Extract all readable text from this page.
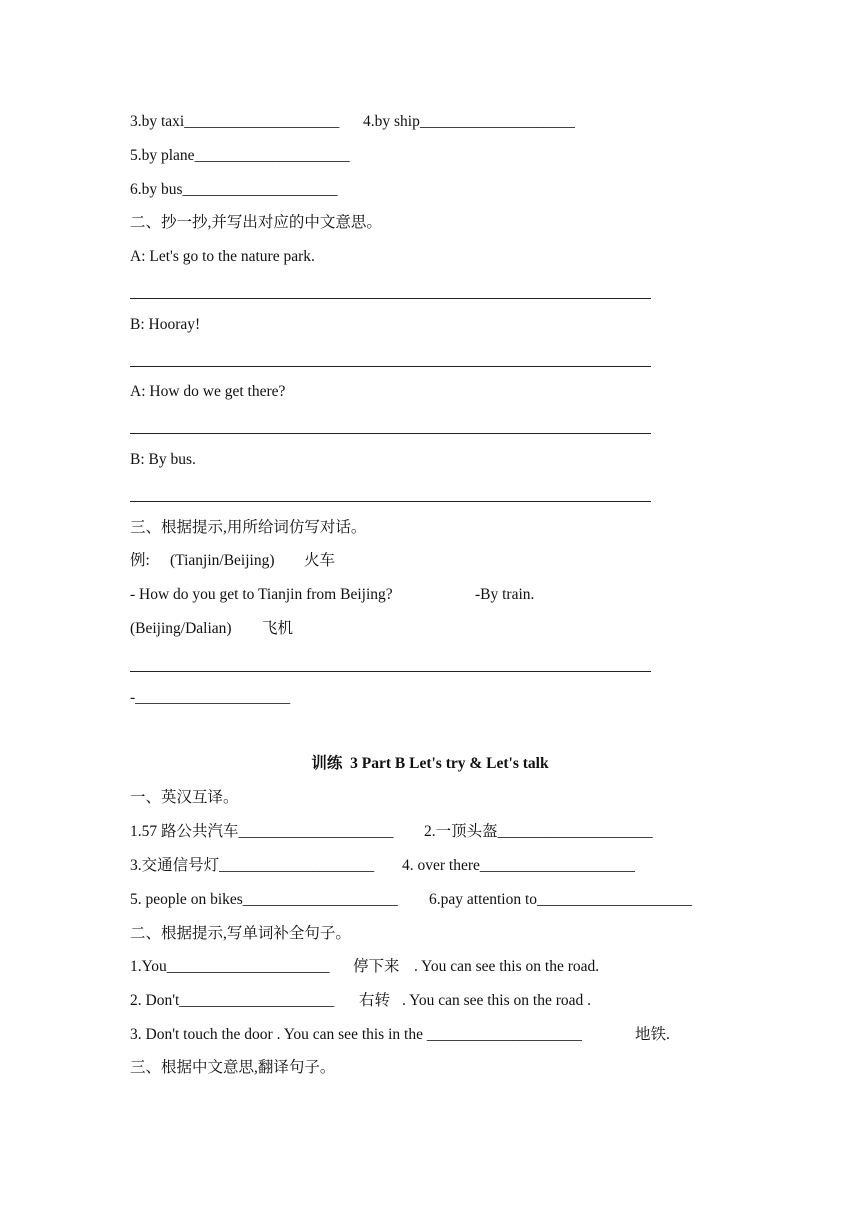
3.by taxi____________________

4.by ship____________________

5.by plane____________________
6.by bus____________________
二、抄一抄,并写出对应的中文意思。
A: Let's go to the nature park.
B: Hooray!
A: How do we get there?
B: By bus.
三、根据提示,用所给词仿写对话。

例:

(Tianjin/Beijing)

火车

- How do you get to Tianjin from Beijing?

	-By train.

(Beijing/Dalian)

飞机

-____________________
训练  3 Part B Let's try & Let's talk
一、英汉互译。

1.57 路公共汽车____________________

2.一顶头盔____________________

3.交通信号灯____________________

4. over there____________________

5. people on bikes____________________

6.pay attention to____________________

二、根据提示,写单词补全句子。

1.You_____________________

停下来

. You can see this on the road.

2. Don't____________________

右转

. You can see this on the road .

3. Don't touch the door . You can see this in the ____________________

	地铁.

三、根据中文意思,翻译句子。
